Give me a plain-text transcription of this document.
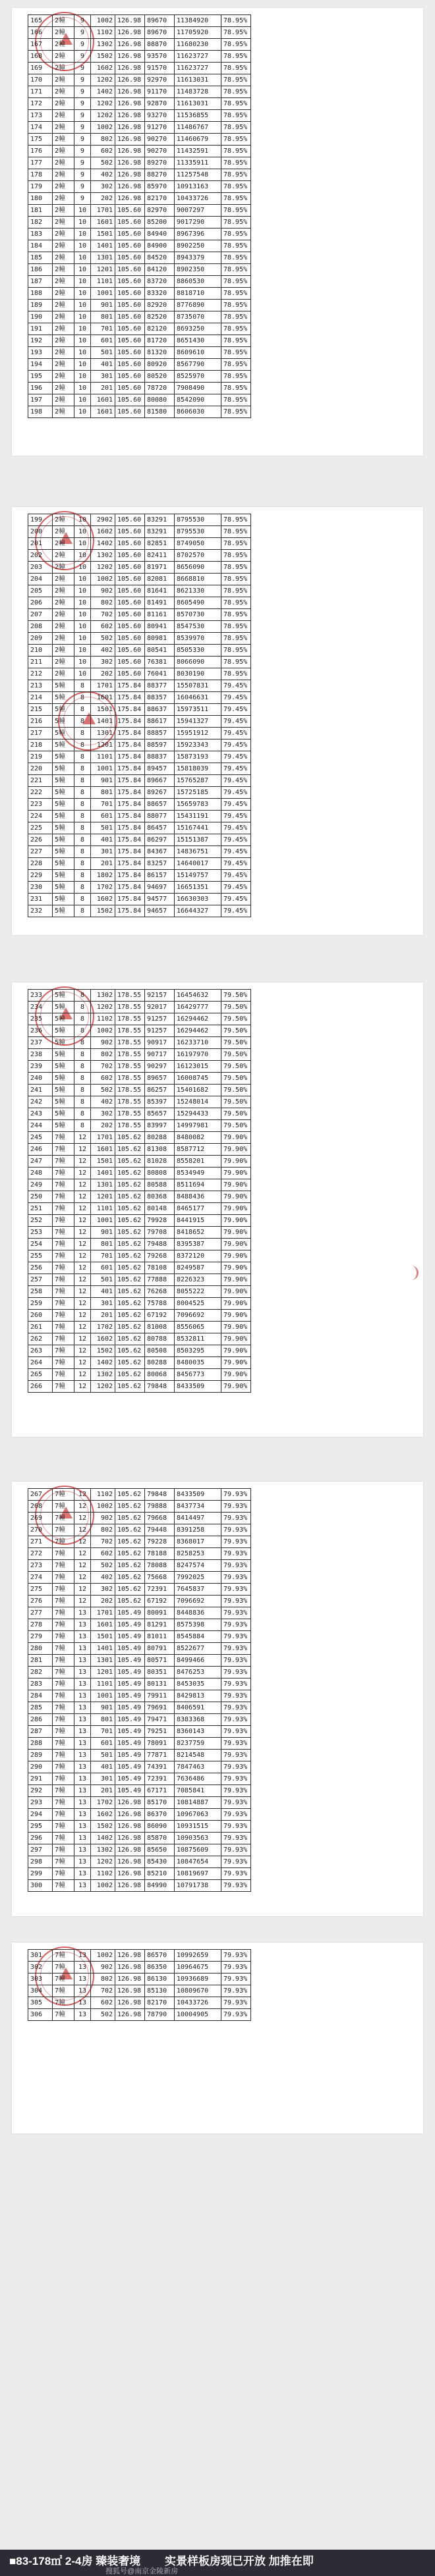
165	2幢	9	1002	126.98	89670	11384920	78.95%
166	2幢	9	1102	126.98	89670	11705920	78.95%
167	2幢	9	1302	126.98	88870	11680230	78.95%
168	2幢	9	1502	126.98	93570	11623727	78.95%
169	2幢	9	1602	126.98	91570	11623727	78.95%
170	2幢	9	1202	126.98	92970	11613031	78.95%
171	2幢	9	1402	126.98	91170	11483728	78.95%
172	2幢	9	1202	126.98	92870	11613031	78.95%
173	2幢	9	1202	126.98	93270	11536855	78.95%
174	2幢	9	1002	126.98	91270	11486767	78.95%
175	2幢	9	802	126.98	90270	11460679	78.95%
176	2幢	9	602	126.98	90270	11432591	78.95%
177	2幢	9	502	126.98	89270	11335911	78.95%
178	2幢	9	402	126.98	88270	11257548	78.95%
179	2幢	9	302	126.98	85970	10913163	78.95%
180	2幢	9	202	126.98	82170	10433726	78.95%
181	2幢	10	1701	105.60	82970	9007297	78.95%
182	2幢	10	1601	105.60	85200	9017290	78.95%
183	2幢	10	1501	105.60	84940	8967396	78.95%
184	2幢	10	1401	105.60	84900	8902250	78.95%
185	2幢	10	1301	105.60	84520	8943379	78.95%
186	2幢	10	1201	105.60	84120	8902350	78.95%
187	2幢	10	1101	105.60	83720	8860530	78.95%
188	2幢	10	1001	105.60	83320	8818710	78.95%
189	2幢	10	901	105.60	82920	8776890	78.95%
190	2幢	10	801	105.60	82520	8735070	78.95%
191	2幢	10	701	105.60	82120	8693250	78.95%
192	2幢	10	601	105.60	81720	8651430	78.95%
193	2幢	10	501	105.60	81320	8609610	78.95%
194	2幢	10	401	105.60	80920	8567790	78.95%
195	2幢	10	301	105.60	80520	8525970	78.95%
196	2幢	10	201	105.60	78720	7908490	78.95%
197	2幢	10	1601	105.60	80080	8542090	78.95%
198	2幢	10	1601	105.60	81580	8606030	78.95%
199	2幢	10	2902	105.60	83291	8795530	78.95%
200	2幢	10	1602	105.60	83291	8795530	78.95%
201	2幢	10	1402	105.60	82851	8749050	78.95%
202	2幢	10	1302	105.60	82411	8702570	78.95%
203	2幢	10	1202	105.60	81971	8656090	78.95%
204	2幢	10	1002	105.60	82081	8668810	78.95%
205	2幢	10	902	105.60	81641	8621330	78.95%
206	2幢	10	802	105.60	81491	8605490	78.95%
207	2幢	10	702	105.60	81161	8570730	78.95%
208	2幢	10	602	105.60	80941	8547530	78.95%
209	2幢	10	502	105.60	80981	8539970	78.95%
210	2幢	10	402	105.60	80541	8505330	78.95%
211	2幢	10	302	105.60	76381	8066090	78.95%
212	2幢	10	202	105.60	76041	8030190	78.95%
213	5幢	8	1701	175.84	88377	15507831	79.45%
214	5幢	8	1601	175.84	88357	16046631	79.45%
215	5幢	8	1501	175.84	88637	15973511	79.45%
216	5幢	8	1401	175.84	88617	15941327	79.45%
217	5幢	8	1301	175.84	88857	15951912	79.45%
218	5幢	8	1201	175.84	88597	15923343	79.45%
219	5幢	8	1101	175.84	88837	15873193	79.45%
220	5幢	8	1001	175.84	89457	15818039	79.45%
221	5幢	8	901	175.84	89667	15765287	79.45%
222	5幢	8	801	175.84	89267	15725185	79.45%
223	5幢	8	701	175.84	88657	15659783	79.45%
224	5幢	8	601	175.84	88077	15431191	79.45%
225	5幢	8	501	175.84	86457	15167441	79.45%
226	5幢	8	401	175.84	86297	15151387	79.45%
227	5幢	8	301	175.84	84367	14836751	79.45%
228	5幢	8	201	175.84	83257	14640017	79.45%
229	5幢	8	1802	175.84	86157	15149757	79.45%
230	5幢	8	1702	175.84	94697	16651351	79.45%
231	5幢	8	1602	175.84	94577	16630303	79.45%
232	5幢	8	1502	175.84	94657	16644327	79.45%
233	5幢	8	1302	178.55	92157	16454632	79.50%
234	5幢	8	1202	178.55	92017	16429777	79.50%
235	5幢	8	1102	178.55	91257	16294462	79.50%
236	5幢	8	1002	178.55	91257	16294462	79.50%
237	5幢	8	902	178.55	90917	16233710	79.50%
238	5幢	8	802	178.55	90717	16197970	79.50%
239	5幢	8	702	178.55	90297	16123015	79.50%
240	5幢	8	602	178.55	89657	16008745	79.50%
241	5幢	8	502	178.55	86257	15401682	79.50%
242	5幢	8	402	178.55	85397	15248014	79.50%
243	5幢	8	302	178.55	85657	15294433	79.50%
244	5幢	8	202	178.55	83997	14997981	79.50%
245	7幢	12	1701	105.62	80288	8480082	79.90%
246	7幢	12	1601	105.62	81308	8587712	79.90%
247	7幢	12	1501	105.62	81028	8558201	79.90%
248	7幢	12	1401	105.62	80808	8534949	79.90%
249	7幢	12	1301	105.62	80588	8511694	79.90%
250	7幢	12	1201	105.62	80368	8488436	79.90%
251	7幢	12	1101	105.62	80148	8465177	79.90%
252	7幢	12	1001	105.62	79928	8441915	79.90%
253	7幢	12	901	105.62	79708	8418652	79.90%
254	7幢	12	801	105.62	79488	8395387	79.90%
255	7幢	12	701	105.62	79268	8372120	79.90%
256	7幢	12	601	105.62	78108	8249587	79.90%
257	7幢	12	501	105.62	77888	8226323	79.90%
258	7幢	12	401	105.62	76268	8055222	79.90%
259	7幢	12	301	105.62	75788	8004525	79.90%
260	7幢	12	201	105.62	67192	7096692	79.90%
261	7幢	12	1702	105.62	81008	8556065	79.90%
262	7幢	12	1602	105.62	80788	8532811	79.90%
263	7幢	12	1502	105.62	80508	8503295	79.90%
264	7幢	12	1402	105.62	80288	8480035	79.90%
265	7幢	12	1302	105.62	80068	8456773	79.90%
266	7幢	12	1202	105.62	79848	8433509	79.90%
267	7幢	12	1102	105.62	79848	8433509	79.93%
268	7幢	12	1002	105.62	79888	8437734	79.93%
269	7幢	12	902	105.62	79668	8414497	79.93%
270	7幢	12	802	105.62	79448	8391258	79.93%
271	7幢	12	702	105.62	79228	8368017	79.93%
272	7幢	12	602	105.62	78188	8258253	79.93%
273	7幢	12	502	105.62	78088	8247574	79.93%
274	7幢	12	402	105.62	75668	7992025	79.93%
275	7幢	12	302	105.62	72391	7645837	79.93%
276	7幢	12	202	105.62	67192	7096692	79.93%
277	7幢	13	1701	105.49	80091	8448836	79.93%
278	7幢	13	1601	105.49	81291	8575398	79.93%
279	7幢	13	1501	105.49	81011	8545884	79.93%
280	7幢	13	1401	105.49	80791	8522677	79.93%
281	7幢	13	1301	105.49	80571	8499466	79.93%
282	7幢	13	1201	105.49	80351	8476253	79.93%
283	7幢	13	1101	105.49	80131	8453035	79.93%
284	7幢	13	1001	105.49	79911	8429813	79.93%
285	7幢	13	901	105.49	79691	8406591	79.93%
286	7幢	13	801	105.49	79471	8383368	79.93%
287	7幢	13	701	105.49	79251	8360143	79.93%
288	7幢	13	601	105.49	78091	8237759	79.93%
289	7幢	13	501	105.49	77871	8214548	79.93%
290	7幢	13	401	105.49	74391	7847463	79.93%
291	7幢	13	301	105.49	72391	7636486	79.93%
292	7幢	13	201	105.49	67171	7085841	79.93%
293	7幢	13	1702	126.98	85170	10814887	79.93%
294	7幢	13	1602	126.98	86370	10967063	79.93%
295	7幢	13	1502	126.98	86090	10931515	79.93%
296	7幢	13	1402	126.98	85870	10903563	79.93%
297	7幢	13	1302	126.98	85650	10875609	79.93%
298	7幢	13	1202	126.98	85430	10847654	79.93%
299	7幢	13	1102	126.98	85210	10819697	79.93%
300	7幢	13	1002	126.98	84990	10791738	79.93%
301	7幢	13	1002	126.98	86570	10992659	79.93%
302	7幢	13	902	126.98	86350	10964675	79.93%
303	7幢	13	802	126.98	86130	10936689	79.93%
304	7幢	13	702	126.98	85130	10809670	79.93%
305	7幢	13	602	126.98	82170	10433726	79.93%
306	7幢	13	502	126.98	78790	10004905	79.93%
■83-178㎡ 2-4房 臻装奢境 实景样板房现已开放 加推在即
搜狐号@南京金陵新房
